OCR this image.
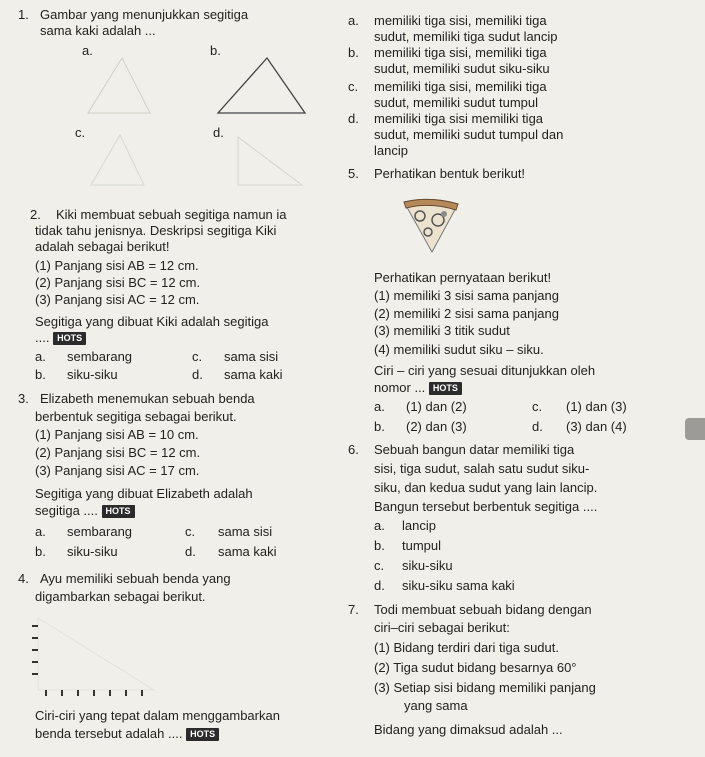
1. Gambar yang menunjukkan segitiga
sama kaki adalah ...
a.	b.
c.	d.
2. Kiki membuat sebuah segitiga namun ia
tidak tahu jenisnya. Deskripsi segitiga Kiki
adalah sebagai berikut!
(1) Panjang sisi AB = 12 cm.
(2) Panjang sisi BC = 12 cm.
(3) Panjang sisi AC = 12 cm.
Segitiga yang dibuat Kiki adalah segitiga
.... HOTS
a. sembarang	c. sama sisi
b. siku-siku	d. sama kaki
3. Elizabeth menemukan sebuah benda
berbentuk segitiga sebagai berikut.
(1) Panjang sisi AB = 10 cm.
(2) Panjang sisi BC = 12 cm.
(3) Panjang sisi AC = 17 cm.
Segitiga yang dibuat Elizabeth adalah
segitiga .... HOTS
a. sembarang	c. sama sisi
b. siku-siku	d. sama kaki
4. Ayu memiliki sebuah benda yang
digambarkan sebagai berikut.
Ciri-ciri yang tepat dalam menggambarkan
benda tersebut adalah .... HOTS
a. memiliki tiga sisi, memiliki tiga
sudut, memiliki tiga sudut lancip
b. memiliki tiga sisi, memiliki tiga
sudut, memiliki sudut siku-siku
c. memiliki tiga sisi, memiliki tiga
sudut, memiliki sudut tumpul
d. memiliki tiga sisi memiliki tiga
sudut, memiliki sudut tumpul dan
lancip
5. Perhatikan bentuk berikut!
Perhatikan pernyataan berikut!
(1) memiliki 3 sisi sama panjang
(2) memiliki 2 sisi sama panjang
(3) memiliki 3 titik sudut
(4) memiliki sudut siku – siku.
Ciri – ciri yang sesuai ditunjukkan oleh
nomor ... HOTS
a. (1) dan (2)	c. (1) dan (3)
b. (2) dan (3)	d. (3) dan (4)
6. Sebuah bangun datar memiliki tiga
sisi, tiga sudut, salah satu sudut siku-
siku, dan kedua sudut yang lain lancip.
Bangun tersebut berbentuk segitiga ....
a. lancip
b. tumpul
c. siku-siku
d. siku-siku sama kaki
7. Todi membuat sebuah bidang dengan
ciri–ciri sebagai berikut:
(1) Bidang terdiri dari tiga sudut.
(2) Tiga sudut bidang besarnya 60°
(3) Setiap sisi bidang memiliki panjang
yang sama
Bidang yang dimaksud adalah ...
